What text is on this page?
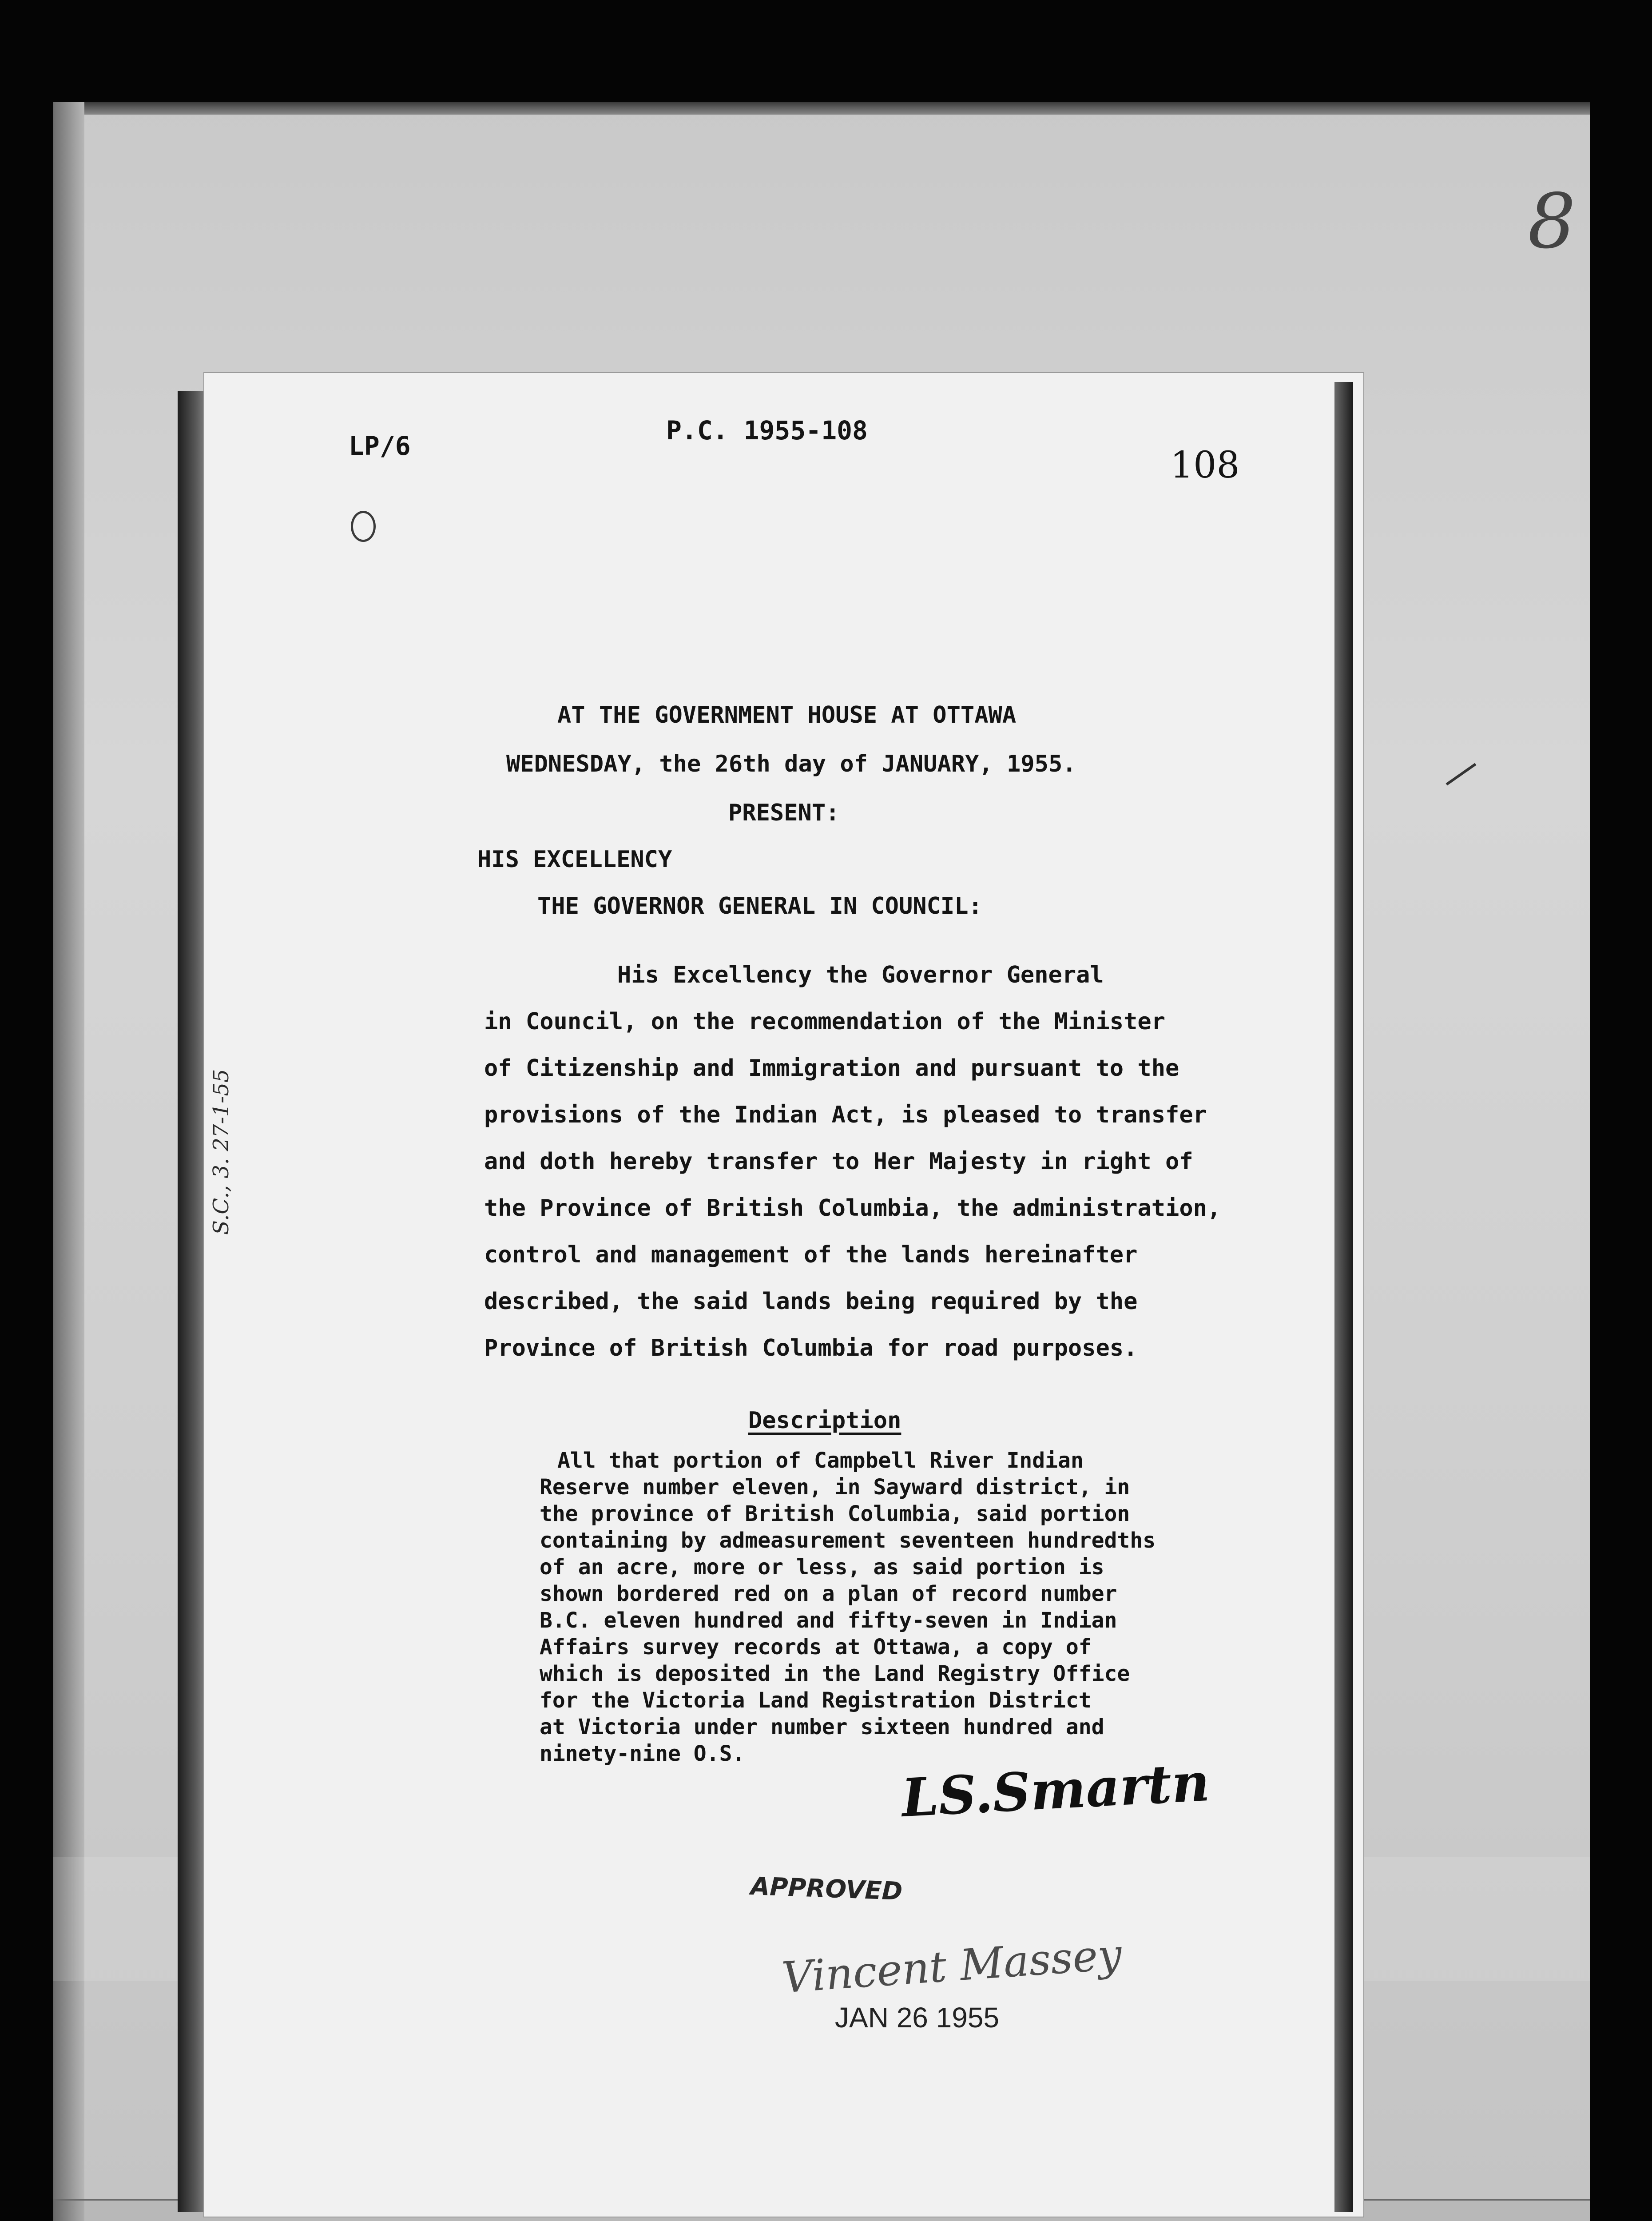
8
LP/6
P.C. 1955-108
108
AT THE GOVERNMENT HOUSE AT OTTAWA
WEDNESDAY, the 26th day of JANUARY, 1955.
PRESENT:
HIS EXCELLENCY
THE GOVERNOR GENERAL IN COUNCIL:
His Excellency the Governor General
in Council, on the recommendation of the Minister
of Citizenship and Immigration and pursuant to the
provisions of the Indian Act, is pleased to transfer
and doth hereby transfer to Her Majesty in right of
the Province of British Columbia, the administration,
control and management of the lands hereinafter
described, the said lands being required by the
Province of British Columbia for road purposes.
Description
All that portion of Campbell River Indian
Reserve number eleven, in Sayward district, in
the province of British Columbia, said portion
containing by admeasurement seventeen hundredths
of an acre, more or less, as said portion is
shown bordered red on a plan of record number
B.C. eleven hundred and fifty-seven in Indian
Affairs survey records at Ottawa, a copy of
which is deposited in the Land Registry Office
for the Victoria Land Registration District
at Victoria under number sixteen hundred and
ninety-nine O.S.	LS.Smartn
APPROVED
Vincent Massey
JAN 26 1955
S.C., 3. 27-1-55
